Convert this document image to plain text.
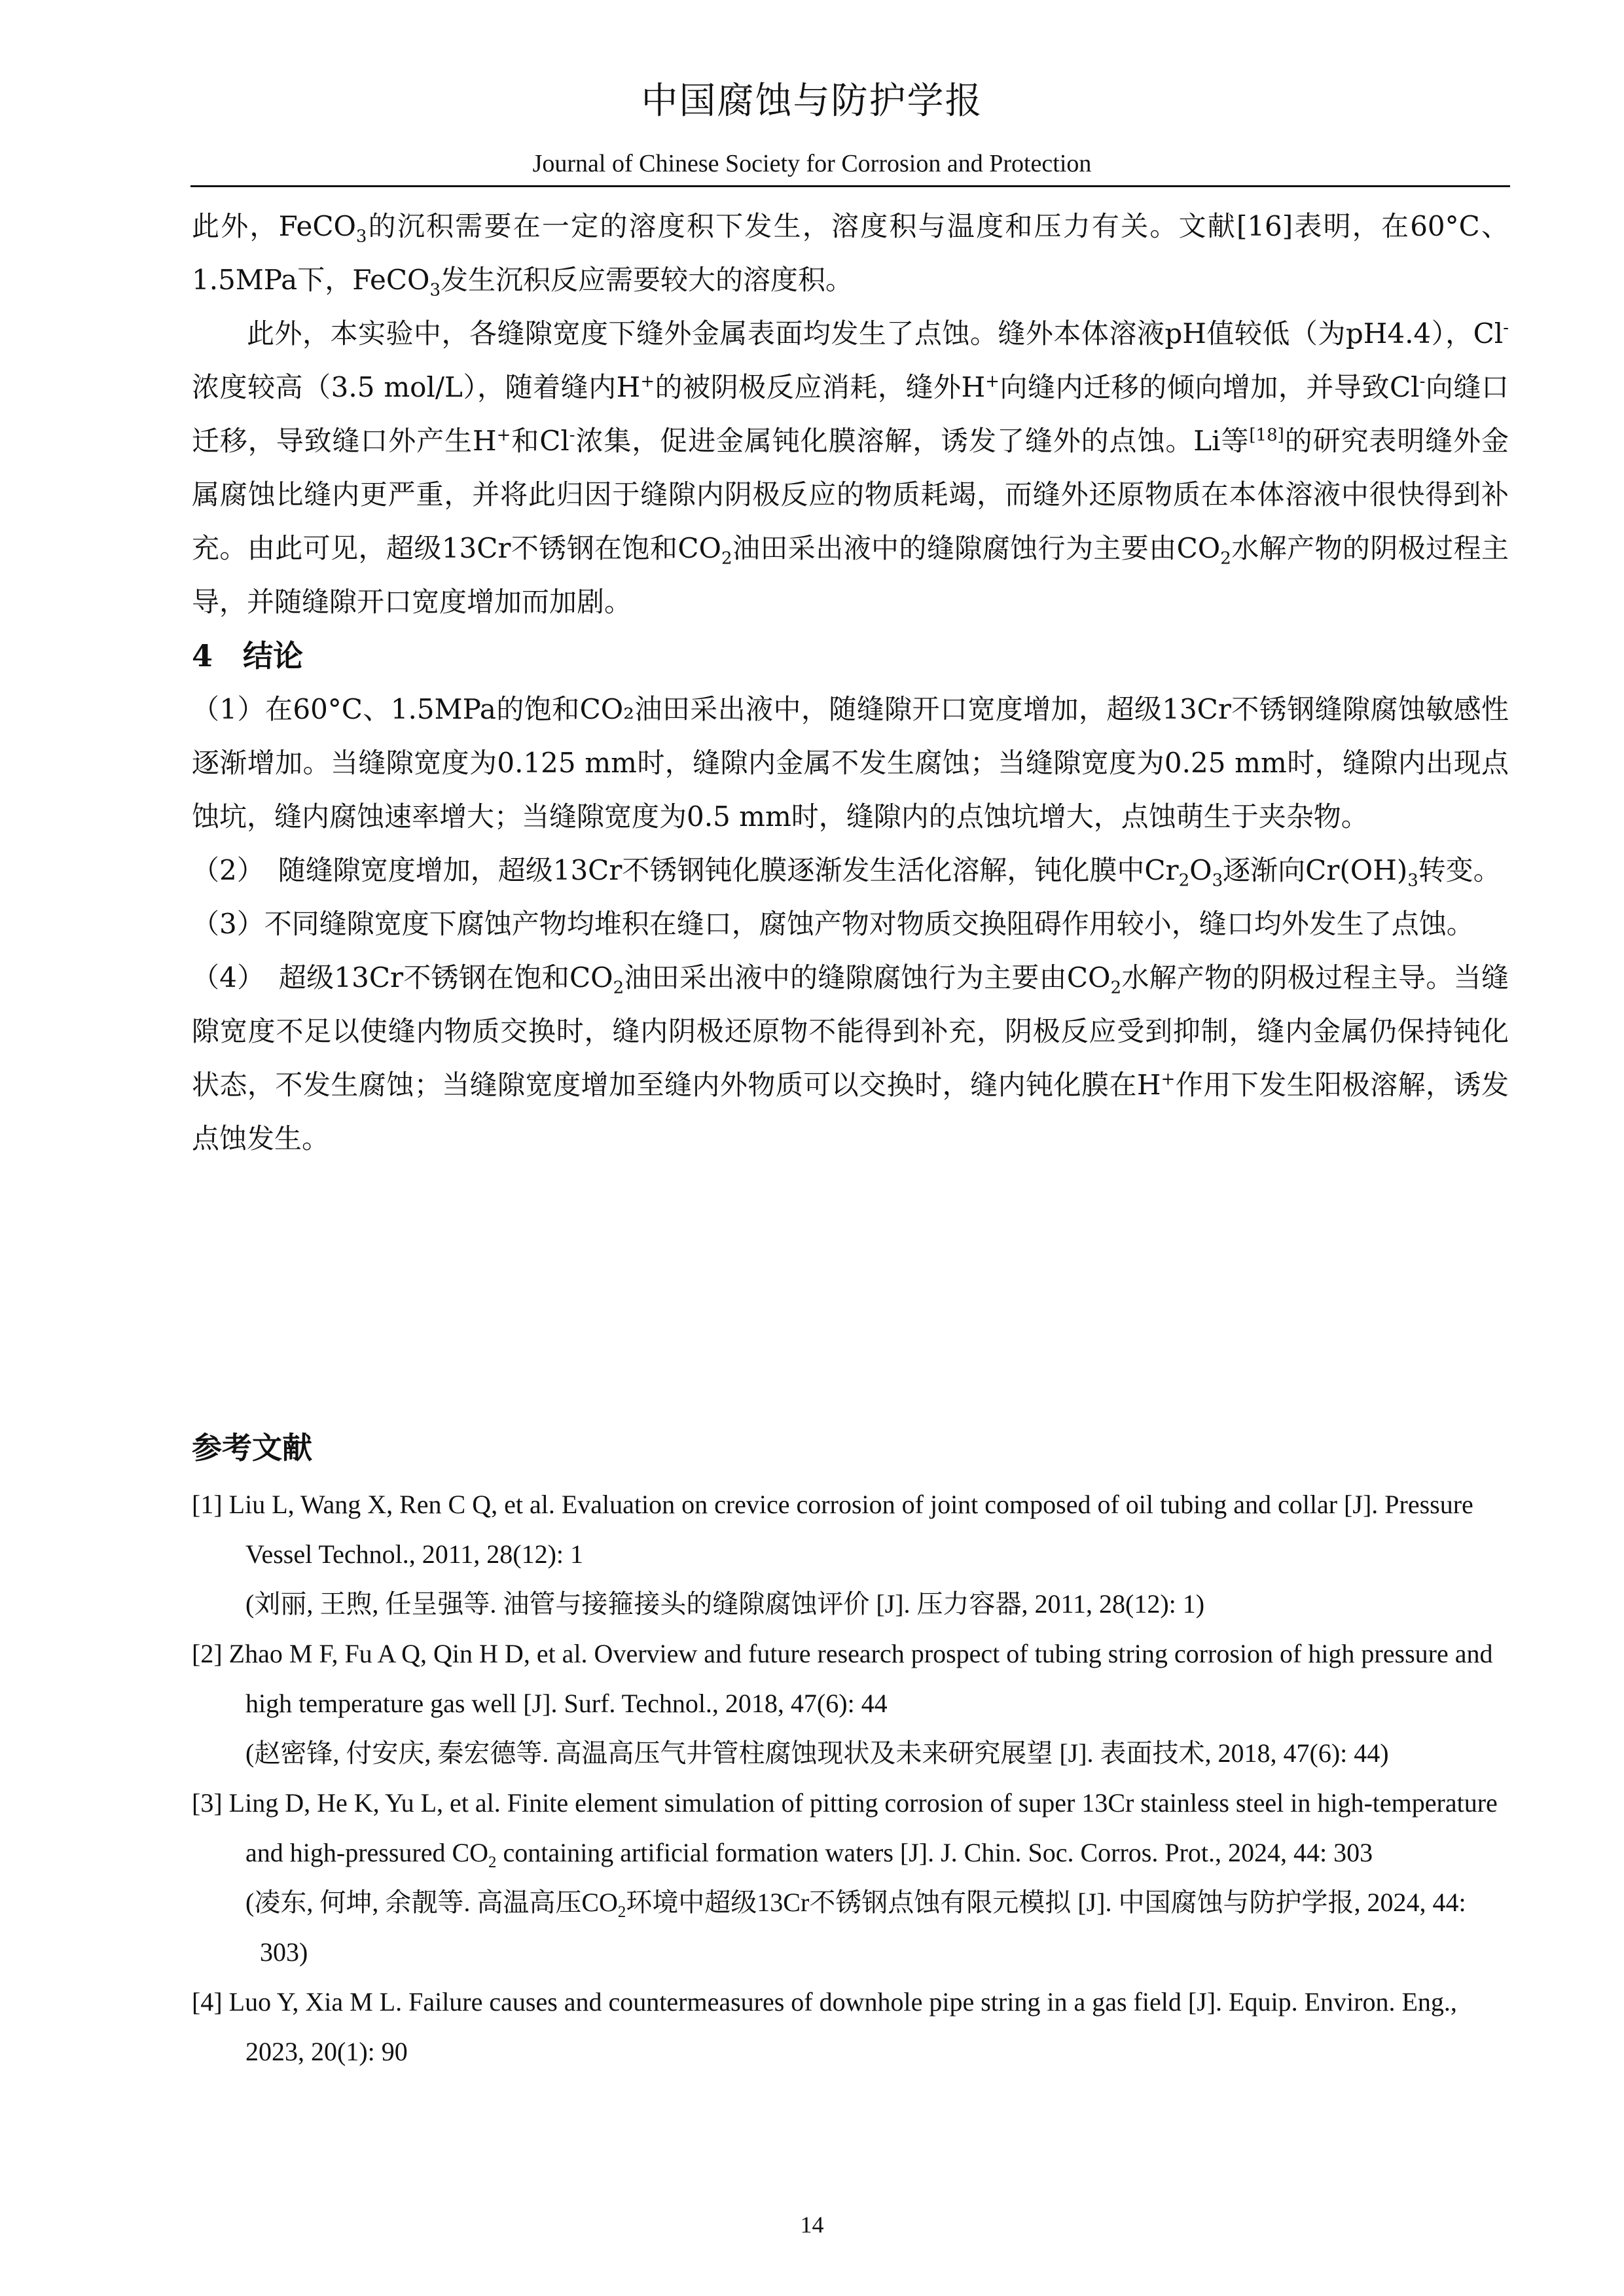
中国腐蚀与防护学报
Journal of Chinese Society for Corrosion and Protection

此外，FeCO$_3$的沉积需要在一定的溶度积下发生，溶度积与温度和压力有关。文献[16]表明，在60°C、1.5MPa下，FeCO$_3$发生沉积反应需要较大的溶度积。

此外，本实验中，各缝隙宽度下缝外金属表面均发生了点蚀。缝外本体溶液pH值较低（为pH4.4），Cl-浓度较高（3.5 mol/L），随着缝内H+的被阴极反应消耗，缝外H+向缝内迁移的倾向增加，并导致Cl-向缝口迁移，导致缝口外产生H+和Cl-浓集，促进金属钝化膜溶解，诱发了缝外的点蚀。Li等[18]的研究表明缝外金属腐蚀比缝内更严重，并将此归因于缝隙内阴极反应的物质耗竭，而缝外还原物质在本体溶液中很快得到补充。由此可见，超级13Cr不锈钢在饱和$CO_2$油田采出液中的缝隙腐蚀行为主要由$CO_2$水解产物的阴极过程主导，并随缝隙开口宽度增加而加剧。

4　结论

（1）在60°C、1.5MPa的饱和CO₂油田采出液中，随缝隙开口宽度增加，超级13Cr不锈钢缝隙腐蚀敏感性逐渐增加。当缝隙宽度为0.125 mm时，缝隙内金属不发生腐蚀；当缝隙宽度为0.25 mm时，缝隙内出现点蚀坑，缝内腐蚀速率增大；当缝隙宽度为0.5 mm时，缝隙内的点蚀坑增大，点蚀萌生于夹杂物。

（2）　随缝隙宽度增加，超级13Cr不锈钢钝化膜逐渐发生活化溶解，钝化膜中$Cr_2O_3$逐渐向$Cr(OH)_3$转变。

（3）不同缝隙宽度下腐蚀产物均堆积在缝口，腐蚀产物对物质交换阻碍作用较小，缝口均外发生了点蚀。

（4）　超级13Cr不锈钢在饱和$CO_2$油田采出液中的缝隙腐蚀行为主要由$CO_2$水解产物的阴极过程主导。当缝隙宽度不足以使缝内物质交换时，缝内阴极还原物不能得到补充，阴极反应受到抑制，缝内金属仍保持钝化状态，不发生腐蚀；当缝隙宽度增加至缝内外物质可以交换时，缝内钝化膜在H+作用下发生阳极溶解，诱发点蚀发生。

参考文献
[1] Liu L, Wang X, Ren C Q, et al. Evaluation on crevice corrosion of joint composed of oil tubing and collar [J]. Pressure Vessel Technol., 2011, 28(12): 1
(刘丽, 王煦, 任呈强等. 油管与接箍接头的缝隙腐蚀评价 [J]. 压力容器, 2011, 28(12): 1)
[2] Zhao M F, Fu A Q, Qin H D, et al. Overview and future research prospect of tubing string corrosion of high pressure and high temperature gas well [J]. Surf. Technol., 2018, 47(6): 44
(赵密锋, 付安庆, 秦宏德等. 高温高压气井管柱腐蚀现状及未来研究展望 [J]. 表面技术, 2018, 47(6): 44)
[3] Ling D, He K, Yu L, et al. Finite element simulation of pitting corrosion of super 13Cr stainless steel in high-temperature and high-pressured $CO_2$ containing artificial formation waters [J]. J. Chin. Soc. Corros. Prot., 2024, 44: 303
(凌东, 何坤, 余靓等. 高温高压$CO_2$环境中超级13Cr不锈钢点蚀有限元模拟 [J]. 中国腐蚀与防护学报, 2024, 44: 303)
[4] Luo Y, Xia M L. Failure causes and countermeasures of downhole pipe string in a gas field [J]. Equip. Environ. Eng., 2023, 20(1): 90
14
